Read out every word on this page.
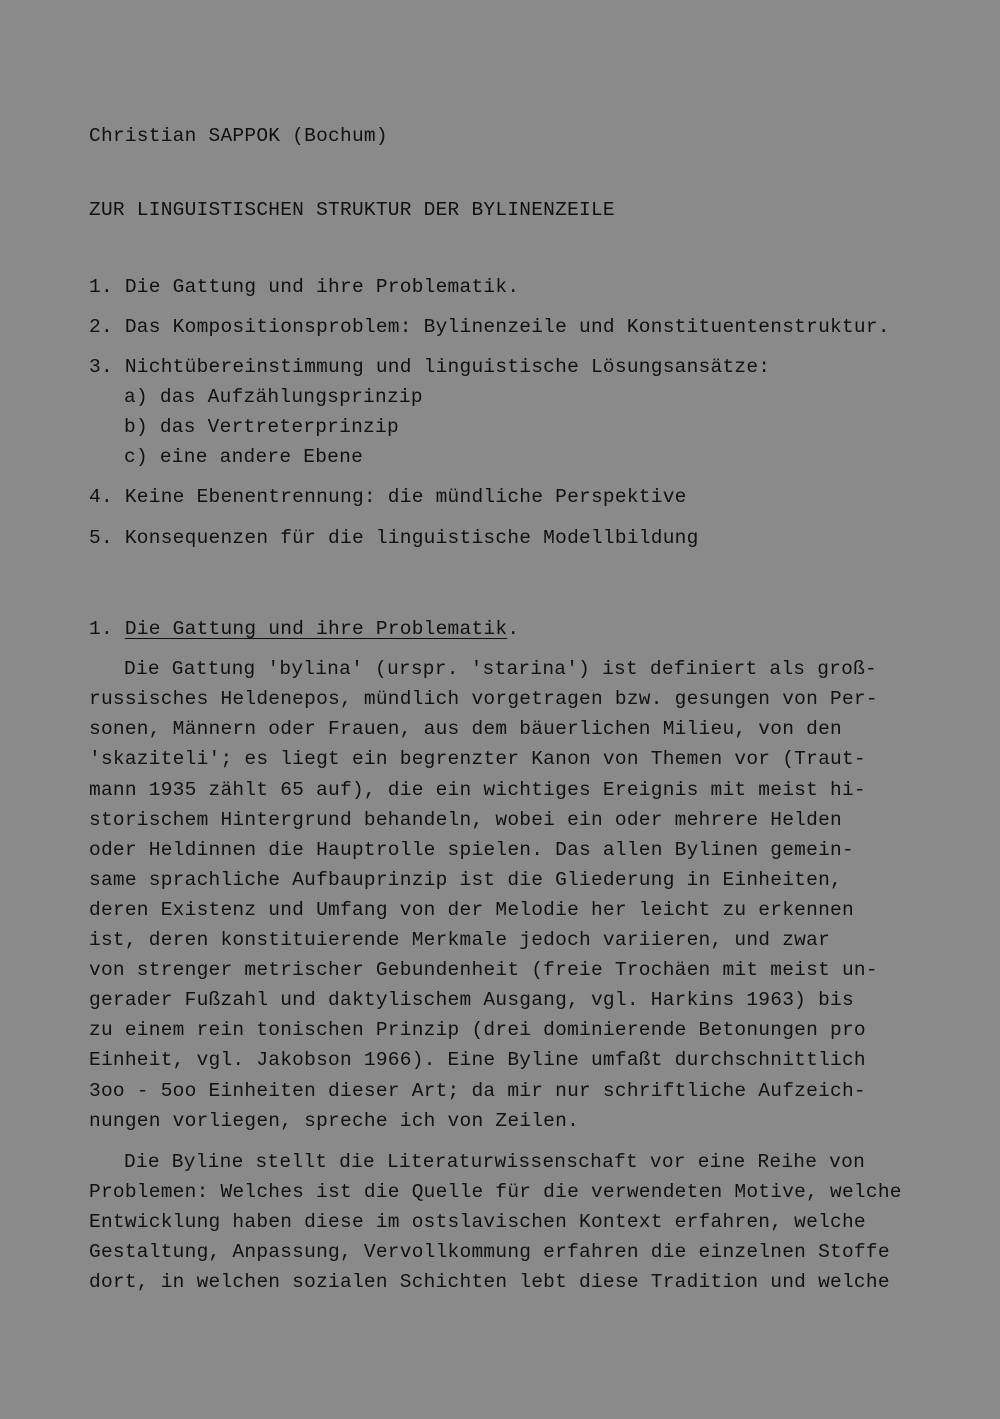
Christian SAPPOK (Bochum)
ZUR LINGUISTISCHEN STRUKTUR DER BYLINENZEILE
1. Die Gattung und ihre Problematik.
2. Das Kompositionsproblem: Bylinenzeile und Konstituentenstruktur.
3. Nichtübereinstimmung und linguistische Lösungsansätze:
a) das Aufzählungsprinzip
b) das Vertreterprinzip
c) eine andere Ebene
4. Keine Ebenentrennung: die mündliche Perspektive
5. Konsequenzen für die linguistische Modellbildung
1. Die Gattung und ihre Problematik.
Die Gattung 'bylina' (urspr. 'starina') ist definiert als groß-
russisches Heldenepos, mündlich vorgetragen bzw. gesungen von Per-
sonen, Männern oder Frauen, aus dem bäuerlichen Milieu, von den
'skaziteli'; es liegt ein begrenzter Kanon von Themen vor (Traut-
mann 1935 zählt 65 auf), die ein wichtiges Ereignis mit meist hi-
storischem Hintergrund behandeln, wobei ein oder mehrere Helden
oder Heldinnen die Hauptrolle spielen. Das allen Bylinen gemein-
same sprachliche Aufbauprinzip ist die Gliederung in Einheiten,
deren Existenz und Umfang von der Melodie her leicht zu erkennen
ist, deren konstituierende Merkmale jedoch variieren, und zwar
von strenger metrischer Gebundenheit (freie Trochäen mit meist un-
gerader Fußzahl und daktylischem Ausgang, vgl. Harkins 1963) bis
zu einem rein tonischen Prinzip (drei dominierende Betonungen pro
Einheit, vgl. Jakobson 1966). Eine Byline umfaßt durchschnittlich
3oo - 5oo Einheiten dieser Art; da mir nur schriftliche Aufzeich-
nungen vorliegen, spreche ich von Zeilen.
Die Byline stellt die Literaturwissenschaft vor eine Reihe von
Problemen: Welches ist die Quelle für die verwendeten Motive, welche
Entwicklung haben diese im ostslavischen Kontext erfahren, welche
Gestaltung, Anpassung, Vervollkommung erfahren die einzelnen Stoffe
dort, in welchen sozialen Schichten lebt diese Tradition und welche
